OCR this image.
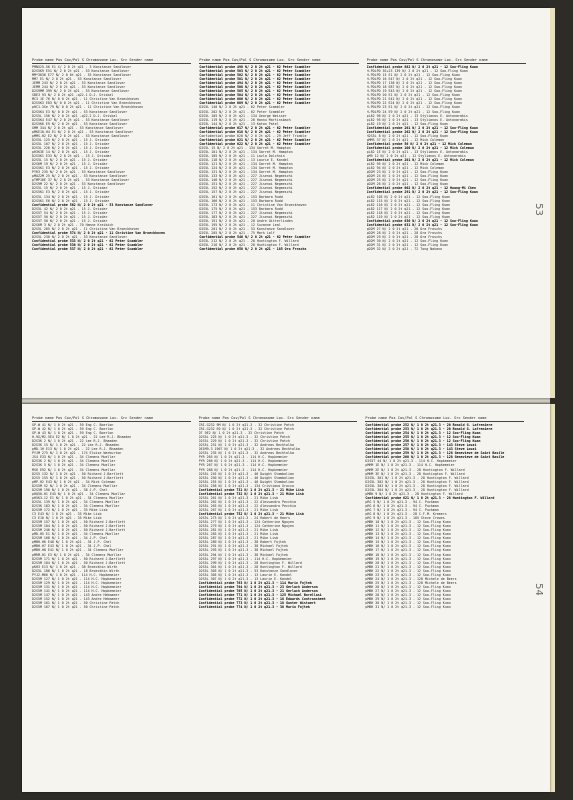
Probe name Pos Cov/Pol S Chromosome Loc. Src Sender name
PMN525-56 E1 X/ 2 0 2t q21 - 3 Konstanze Sandlover
D2S5K9 E51 N/ 2 0 2t p21 - 53 Konstanze Sandlover
MM*3636 E77 N/ 2 0 0t q21 - 53 Konstanze Sandlover
MM7 E1 N/ 2 0 2t q21 - 53 Konstanze Sandlover
JEMM 243 N/ 2 0 2t q21 - 53 Konstanze Sandlover
JEMM 244 N/ 2 0 2t q21 - 53 Konstanze Sandlover
D2S9MM 399 N/ 2 0 2t q21 - 53 Konstanze Sandlover
SBE3 93 N/ 2 0 2t q21 -q22.1 D.J. Driskal
MC3 1E 76 N/ 0 0 2t q21 - 11 Christine Van Broeckhoven
D2S5K3 E83 N/ 0 0 2t q21 - 11 Christine Van Broeckhoven
pHC1.3Se 79 N/ 0 0 2t q21 - 11 Christine Van Broeckhoven
D2S5K4 E3 N/ 0 0 2t q21 - 53 Konstanze Sandlover
D2S5L 156 N/ 2 0 2t q21 -q22.2 D.J. Driskal
D2S5K4 E47 N/ 2 0 2t q21 - 53 Konstanze Sandlover
D2S5K6 E9 N/ 2 0 2t q21 - 53 Konstanze Sandlover
GMM 344 N/ 2 0 2t q21 - 53 Konstanze Sandlover
pMKE10-H4 E1 N/ 2 0 2t q21 - 53 Konstanze Sandlover
pMMS-H2 E2 N/ 2 0 2t q21 - 53 Konstanze Sandlover
D2S5L 125 N/ 2 0 2t q21 - 15 J. Drisdar
D2S5L 107 N/ 2 0 2t q21 - 15 J. Drisdar
D2S5L 226 N/ 2 0 2t q21 - 15 J. Drisdar
pH3K3E 14 N/ 2 0 2t q21 - 15 J. Drisdar
D2S5K1 E33 N/ 2 0 2t q21 - 15 J. Drisdar
D2S5L 15 N/ 2 0 2t q21 - 15 J. Drisdar
D2S6M 19 N/ 2 0 2t q21 - 15 J. Drisdar
D2S5K1 E3 N/ 2 0 2t q21 - 15 J. Drisdar
PYR3 235 N/ 2 0 2t q21 - 53 Konstanze Sandlover
pMUZ2M 25 N/ 2 0 2t q21 - 53 Konstanze Sandlover
pTMP10E 37 N/ 2 0 2t q21 - 53 Konstanze Sandlover
D2S9M 22 N/ 2 0 2t q21 - 53 Konstanze Sandlover
D2S5L 15 N/ 2 0 2t q21 - 15 J. Drisdar
D2S5K1 E3 N/ 2 0 2t q21 - 15 J. Drisdar
D2S5L 134 N/ 2 0 2t q21 - 15 J. Drisdar
D2S5K1 E6 N/ 2 0 2t q21 - 15 J. Drisdar
Confidential probe 562 N/ 2 0 2t q21 - 53 Konstanze Sandlover
D2S5L 42 N/ 2 0 2t q21 - 15 J. Drisdar
D2S5T 54 N/ 2 0 2t q21 - 15 J. Drisdar
D2S5T 50 N/ 2 0 2t q21 - 15 J. Drisdar
D2S5T 58 N/ 2 0 2t q21 - 15 J. Drisdar
D2S6M 3 N/ 2 0 2t q21 - 70 Hanne Kreibich
D2S5L 265 N/ 2 0 2t q21 - 11 Christine Van Broeckhoven
Confidential probe 574 N/ 2 0 2t q21 - 11 Christine Van Broeckhoven
D2S5L 230 N/ 2 0 2t q21 - 53 Konstanze Sandlover
Confidential probe 533 N/ 2 0 2t q21 - 62 Peter Scambler
Confidential probe 536 N/ 2 0 2t q21 - 62 Peter Scambler
Confidential probe 537 N/ 2 0 2t q21 - 62 Peter Scambler
Probe name Pos Cov/Pol S Chromosome Loc. Src Sender name
Confidential probe 498 N/ 2 0 2t q21 - 62 Peter Scambler
Confidential probe 503 N/ 2 0 2t q21 - 62 Peter Scambler
Confidential probe 502 N/ 2 0 2t q21 - 62 Peter Scambler
Confidential probe 501 N/ 2 0 2t q21 - 62 Peter Scambler
Confidential probe 494 N/ 2 0 2t q21 - 62 Peter Scambler
Confidential probe 508 N/ 2 0 2t q21 - 62 Peter Scambler
Confidential probe 505 N/ 2 0 2t q21 - 62 Peter Scambler
Confidential probe 504 N/ 2 0 2t q21 - 62 Peter Scambler
Confidential probe 606 N/ 2 0 2t q21 - 62 Peter Scambler
Confidential probe 609 N/ 2 0 2t q21 - 62 Peter Scambler
D2S5L 140 N/ 2 0 2t q21 - 62 Peter Scambler
D2S5L 202 N/ 2 0 2t q21 - 62 Peter Scambler
D2S5L 105 N/ 2 0 2t q21 - 134 George Weisser
D2S5L 119 N/ 2 0 2t q21 - 20 Hannu Martinsbach
D2S5L 144 N/ 2 0 2t q21 - 13 Katon Patel
Confidential probe 617 N/ 2 0 2t q21 - 62 Peter Scambler
Confidential probe 618 N/ 2 0 2t q21 - 62 Peter Scambler
Confidential probe 620 N/ 2 0 2t q21 - 29 Jeff Trimble
Confidential probe 621 N/ 2 0 2t q21 - 62 Peter Scambler
Confidential probe 622 N/ 2 0 2t q21 - 62 Peter Scambler
D2S5L 15 N/ 2 0 2t q21 - 134 Garret M. Hampton
D2S5L 101 N/ 2 0 2t q21 - 134 Garret M. Hampton
D2S5L 105 N/ 2 0 2t q21 - 11 Lazlo Dolzhnin
D2S5L 118 N/ 2 0 2t q21 - 13 Laurie E. Kandel
D2S5L 121 N/ 2 0 2t q21 - 134 Garret M. Hampton
D2S5L 124 N/ 2 0 2t q21 - 134 Garret M. Hampton
D2S5L 131 N/ 2 0 2t q21 - 134 Garret M. Hampton
D2S5L 133 N/ 2 0 2t q21 - 227 Jisenoi Negmeschi
D2S5L 146 N/ 2 0 2t q21 - 227 Jisenoi Negmeschi
D2S5L 151 N/ 2 0 2t q21 - 227 Jisenoi Negmeschi
D2S5L 152 N/ 2 0 2t q21 - 227 Jisenoi Negmeschi
D2S5L 157 N/ 2 0 2t q21 - 227 Jisenoi Negmeschi
D2S5L 161 N/ 2 0 2t q21 - 153 Barbara Rudd
D2S5L 166 N/ 2 0 2t q21 - 153 Barbara Rudd
D2S5L 173 N/ 2 0 2t q21 - 11 Christine Van Broeckhoven
D2S5L 175 N/ 2 0 2t q21 - 153 Barbara Rudd
D2S5L 177 N/ 2 0 2t q21 - 227 Jisenoi Negmeschi
D2S5L 183 N/ 2 0 2t q21 - 227 Jisenoi Negmeschi
D2S5L 191 N/ 2 0 2t q21 - 28 Andre Uitterlinden
D2S5L 195 N/ 2 0 2t q21 - 12 Suzanne Leal
D2S5L 201 N/ 2 0 2t q21 - 53 Konstanze Sandlover
D2S5L 205 N/ 2 0 2t q21 - 75 Mark Lalf
Confidential probe 546 N/ 2 0 2t q21 - 62 Peter Scambler
D2S5L 212 N/ 2 0 2t q21 - 28 Huntington F. Willard
D2S5L 216 N/ 2 0 2t q21 - 28 Huntington F. Willard
Confidential probe 658 N/ 2 0 2t q21 - 185 Ora Froschs
Probe name Pos Cov/Pol S Chromosome Loc. Src Sender name
Confidential probe 882 N/ 2 0 2t q21 - 12 Soo-Fling Kuan
H-PDLPD 3E+23 139 N/ 2 0 2t q21 - 12 Soo-Fling Kuan
H-PDLPD 15 E1 N/ 2 0 2t q21 - 12 Soo-Fling Kuan
H-PDLPD 16 E47 N/ 2 0 2t q21 - 12 Soo-Fling Kuan
H-PDLPD 17 136 N/ 2 0 2t q21 - 12 Soo-Fling Kuan
H-PDLPD 18 E87 N/ 2 0 2t q21 - 12 Soo-Fling Kuan
H-PDLPD 19 E43 N/ 2 0 2t q21 - 12 Soo-Fling Kuan
H-PDLPD 20 E1 N/ 2 0 2t q21 - 12 Soo-Fling Kuan
H-PDLPD 21 E42 N/ 2 0 2t q21 - 12 Soo-Fling Kuan
H-PDLPD 22 E24 N/ 2 0 2t q21 - 12 Soo-Fling Kuan
H-PDLPD 23 E1 N/ 2 0 2t q21 - 12 Soo-Fling Kuan
H-PDLPD 24 E9 N/ 2 0 2t q21 - 12 Soo-Fling Kuan
pL82 96 N/ 2 0 2t q21 - 13 Stylianos E. Antonarakis
pL82 95 N/ 2 0 2t q21 - 13 Stylianos E. Antonarakis
pL82 19 N/ 2 0 2t q21 - 12 Soo-Fling Kuan
Confidential probe 261 N/ 2 0 2t q21 - 12 Soo-Fling Kuan
Confidential probe 262 N/ 2 0 2t q21 - 12 Soo-Fling Kuan
H2S5L 8 N/ 2 0 2t q21 - 12 Soo-Fling Kuan
pMMS 37 N/ 2 0 2t q21 - 12 Mick Coleman
Confidential probe 56 N/ 2 0 2t q21 - 12 Mick Coleman
Confidential probe 100 N/ 2 0 2t q21 - 12 Mick Coleman
pL82 1E N/ 2 0 2t q21 - 13 Stylianos E. Antonarakis
pM9 12 N/ 2 0 2t q21 - 12 Stylianos E. Antonarakis
Confidential probe 201 N/ 2 0 2t q21 - 12 Mick Coleman
pL82 95 N/ 2 0 2t q21 - 12 Mick Coleman
pL82 94 N/ 2 0 2t q21 - 12 Mick Coleman
pD2M 23 N/ 2 0 2t q21 - 12 Soo-Fling Kuan
pD2M 24 N/ 2 0 2t q21 - 12 Soo-Fling Kuan
pD2M 25 N/ 2 0 2t q21 - 12 Soo-Fling Kuan
pD2M 26 N/ 2 0 2t q21 - 12 Soo-Fling Kuan
Confidential probe 602 N/ 2 0 2t q21 - 12 Huang-Mi Chen
Confidential probe 291 N/ 2 0 2t q21 - 12 Soo-Fling Kuan
pL82 103 N/ 2 0 2t q21 - 12 Soo-Fling Kuan
pL82 115 N/ 2 0 2t q21 - 12 Soo-Fling Kuan
pL82 116 N/ 2 0 2t q21 - 12 Soo-Fling Kuan
pL82 117 N/ 2 0 2t q21 - 12 Soo-Fling Kuan
pL82 118 N/ 2 0 2t q21 - 12 Soo-Fling Kuan
pL82 119 N/ 2 0 2t q21 - 12 Soo-Fling Kuan
Confidential probe 630 N/ 2 0 2t q21 - 12 Soo-Fling Kuan
Confidential probe 631 N/ 2 0 2t q21 - 12 Soo-Fling Kuan
pD2M 27 N/ 2 0 2t q21 - 28 Ora Froschs
pD2M 28 N/ 2 0 2t q21 - 28 Ora Froschs
pD2M 29 N/ 2 0 2t q21 - 28 Ora Froschs
pD2M 30 N/ 2 0 2t q21 - 12 Soo-Fling Kuan
pD2M 31 N/ 2 0 2t q21 - 12 Soo-Fling Kuan
pD2M 32 N/ 2 0 2t q21 - 72 Tong Nakano
53
Probe name Pos Cov/Pol S Chromosome Loc. Src Sender name
GP-W 41 N/ 1 0 2t q21 - 59 Eng C. Boerlon
GP-W 42 N/ 1 0 2t q21 - 59 Eng C. Boerlon
GP-W 43 N/ 1 0 2t q21 - 59 Eng C. Boerlon
H.9X/M2.5E4 E2 N/ 1 0 2t q21 - 22 Lee R.J. Bhaaden
D2S3K 2 N/ 1 0 2t q21 - 22 Lee R.J. Bhaaden
D2S3K 15 N/ 1 0 2t q21 - 22 Lee R.J. Bhaaden
pMD-1H E13 N/ 1 0 2t q21 - 22 Lee R.J. Bhaaden
PYJM 275 N/ 1 0 2t q21 - 174 Eloise Warburton
JS4 E33 N/ 1 0 2t q21 - 34 Clemens Muellar
D2S3K 2 N/ 1 0 2t q21 - 34 Clemens Muellar
D2S3K 5 N/ 1 0 2t q21 - 34 Clemens Muellar
MS6 E92 N/ 1 0 2t q21 - 34 Clemens Muellar
D2S5 132 N/ 1 0 2t q21 - 50 Richard J.Bartlett
D2S5 155 N/ 1 0 2t q21 - 50 Richard J.Bartlett
pMP-H2 E43 N/ 1 0 2t q21 - 34 Mick Coleman
D2S5M 52 N/ 1 0 2t q21 - 34 Clemens Muellar
D2S5M 190 N/ 1 0 2t q21 - 38 J.P. Chel
pHQ50-H1 E45 N/ 1 0 2t q21 - 34 Clemens Muellar
pH5K3-12 E1 N/ 1 0 2t q21 - 34 Clemens Muellar
D2S5L 139 N/ 1 0 2t q21 - 34 Clemens Muellar
D2S3K 183 N/ 1 0 2t q21 - 34 Clemens Muellar
D2S5M 172 N/ 1 0 2t q21 - 35 Mike Lisb
C3 E43 N/ 1 0 2t q21 - 35 Mike Lisb
C3 E10 N/ 1 0 2t q21 - 35 Mike Lisb
D2S5M 157 N/ 1 0 2t q21 - 50 Richard J.Bartlett
D2S5M 104 N/ 1 0 2t q21 - 50 Richard J.Bartlett
D2S5M 246 N/ 1 0 2t q21 - 50 Richard J.Bartlett
pMD-H5 E1 N/ 1 0 2t q21 - 34 Clemens Muellar
D2S5M 168 N/ 1 0 2t q21 - 34 J.P. Chel
pMBH-H6 E48 N/ 1 0 2t q21 - 34 J.P. Chel
pMBH-H7 E43 N/ 1 0 2t q21 - 34 J.P. Chel
pMBH-H8 E41 N/ 1 0 2t q21 - 34 Clemens Muellar
pMRM-H1 E3 N/ 1 0 2t q21 - 34 Clemens Muellar
D2S5M 171 N/ 1 0 2t q21 - 50 Richard J.Bartlett
D2S5M 184 N/ 1 0 2t q21 - 50 Richard J.Bartlett
pKH3 E13 N/ 1 0 2t q21 - 38 Broeckhin Wirth
D2S5L 186 N/ 1 0 2t q21 - 18 Broeckhin Wirth
PYJ2-M66 N/ 1 0 2t q21 - 114 H.C. Hopkemeier
D2S5M 127 N/ 1 0 2t q21 - 114 H.C. Hopkemeier
D2S5M 129 N/ 1 0 2t q21 - 114 H.C. Hopkemeier
D2S5M 131 N/ 1 0 2t q21 - 114 H.C. Hopkemeier
D2S5M 141 N/ 1 0 2t q21 - 114 H.C. Hopkemeier
D2S5M 147 N/ 1 0 2t q21 - 143 Andre Hekmaeer
D2S5M 152 N/ 1 0 2t q21 - 143 Andre Hekmaeer
D2S5M 161 N/ 1 0 2t q21 - 50 Christine Patch
D2S5M 167 N/ 1 0 2t q21 - 50 Christine Patch
Probe name Pos Cov/Pol S Chromosome Loc. Src Sender name
CRI-G232 9M N/ 1 0 2t q21.3 - 32 Christine Patch
CRI-G232 E0 N/ 1 0 2t q21.3 - 32 Christine Patch
DT 9E2 N/ 1 0 2t q21.3 - 32 Christine Patch
D2S5L 225 N/ 1 0 2t q21.3 - 32 Christine Patch
D2S5L 229 N/ 1 0 2t q21.3 - 32 Christine Patch
D2S5L 231 N/ 1 0 2t q21.3 - 32 Andreas Bechtolka
DE1M9-3 1967 N/ 1 0 2t q21.3 - 32 Andreas Bechtolka
D2S5L 235 N/ 1 0 2t q21.3 - 32 Andreas Bechtolka
PYR 265 N/ 1 0 2t q21.3 - 114 H.C. Hopkemeier
PYR 266 N/ 1 0 2t q21.3 - 114 H.C. Hopkemeier
PYR 267 N/ 1 0 2t q21.3 - 114 H.C. Hopkemeier
PYR 268 N/ 1 0 2t q21.3 - 114 H.C. Hopkemeier
D2S5L 245 N/ 1 0 2t q21.3 - 46 Dwight Stambolian
D2S5L 250 N/ 1 0 2t q21.3 - 46 Dwight Stambolian
D2S5L 255 N/ 1 0 2t q21.3 - 46 Dwight Stambolian
D2S5L 258 N/ 1 0 2t q21.3 - 134 Cristiana Grocco
Confidential probe 731 N/ 1 0 2t q21.3 - 21 Mike Lisb
Confidential probe 732 N/ 1 0 2t q21.3 - 21 Mike Lisb
D2S5L 261 N/ 1 0 2t q21.3 - 21 Mike Lisb
D2S5L 262 N/ 1 0 2t q21.3 - 22 Alessandro Pecchia
D2S5L 263 N/ 1 0 2t q21.3 - 22 Alessandro Pecchia
D2S5L 267 N/ 1 0 2t q21.3 - 21 Mike Lisb
Confidential probe 752 N/ 1 0 2t q21.3 - 21 Mike Lisb
D2S5L 273 N/ 1 0 2t q21.3 - 24 Robert de Haers
D2S5L 277 N/ 1 0 2t q21.3 - 124 Catherine Nguyen
D2S5L 279 N/ 1 0 2t q21.3 - 124 Catherine Nguyen
D2S5L 281 N/ 1 0 2t q21.3 - 21 Mike Lisb
D2S5L 283 N/ 1 0 2t q21.3 - 21 Mike Lisb
D2S5L 287 N/ 1 0 2t q21.3 - 21 Mike Lisb
D2S5L 289 N/ 1 0 2t q21.3 - 38 Robert Fojtek
D2S5L 291 N/ 1 0 2t q21.3 - 38 Michael Fojtek
D2S5L 293 N/ 1 0 2t q21.3 - 38 Michael Fojtek
D2S5L 294 N/ 1 0 2t q21.3 - 38 Michael Fojtek
D2S5L 297 N/ 1 0 2t q21.3 - 114 H.C. Hopkemeier
D2S5L 299 N/ 1 0 2t q21.3 - 28 Huntington F. Willard
D2S5L 301 N/ 1 0 2t q21.3 - 28 Huntington F. Willard
D2S5L 303 N/ 1 0 2t q21.3 - 53 Konstanze Sandlover
D2S5L 305 N/ 1 0 2t q21.3 - 13 Laurie E. Kandel
D2S5L 307 N/ 1 0 2t q21.3 - 13 Laurie E. Kandel
Confidential probe 763 N/ 1 0 2t q21.3 - 114 Mario Fojtek
Confidential probe 764 N/ 1 0 2t q21.3 - 23 Gerlach Anderson
Confidential probe 765 N/ 1 0 2t q21.3 - 21 Gerlach Anderson
Confidential probe 771 N/ 1 0 2t q21.3 - 125 Michael Borellasi
Confidential probe 772 N/ 1 0 2t q21.3 - 18 Edwards Contransheet
Confidential probe 773 N/ 1 0 2t q21.3 - 18 Gunter Wistaert
Confidential probe 774 N/ 1 0 2t q21.3 - 38 Mario Fojtek
Probe name Pos Cov/Pol S Chromosome Loc. Src Sender name
Confidential probe 252 N/ 1 0 2t q21.3 - 20 Ronald G. Lafreniere
Confidential probe 253 N/ 1 0 2t q21.3 - 20 Ronald G. Lafreniere
Confidential probe 254 N/ 1 0 2t q21.3 - 12 Soo-Fling Kuan
Confidential probe 255 N/ 1 0 2t q21.3 - 12 Soo-Fling Kuan
Confidential probe 256 N/ 1 0 2t q21.3 - 12 Soo-Fling Kuan
Confidential probe 257 N/ 1 0 2t q21.3 - 143 Steve Louzi
Confidential probe 258 N/ 1 0 2t q21.3 - 143 Steve Louzi
Confidential probe 259 N/ 1 0 2t q21.3 - 128 Genevieve de Saint Basile
Confidential probe 260 N/ 1 0 2t q21.3 - 128 Genevieve de Saint Basile
D2S5T 44 N/ 1 0 2t q21.3 - 114 H.C. Hopkemeier
pMHM 1E N/ 1 0 2t q21.3 - 114 H.C. Hopkemeier
pMHM 2E N/ 1 0 2t q21.3 - 28 Huntington F. Willard
pMHM 3E N/ 1 0 2t q21.3 - 28 Huntington F. Willard
D2S5L 301 N/ 1 0 2t q21.3 - 28 Huntington F. Willard
D2S5L 302 N/ 1 0 2t q21.3 - 28 Huntington F. Willard
D2S5L 303 N/ 1 0 2t q21.3 - 28 Huntington F. Willard
D2S5L 304 N/ 1 0 2t q21.3 - 28 Huntington F. Willard
pMBH 9 N/ 1 0 2t q21.3 - 28 Huntington F. Willard
Confidential probe 621 N/ 1 0 2t q21.3 - 28 Huntington F. Willard
pRG 5 N/ 1 0 2t q21.3 - 94 C. Puckman
pRG 6 N/ 1 0 2t q21.3 - 94 C. Puckman
pRG 7 N/ 1 0 2t q21.3 - 94 C. Puckman
pRG 8 N/ 1 0 2t q21.3 - 28 C.F.M. Kremers
pRG 9 N/ 1 0 2t q21.3 - 185 Steve Crowes
pMBH 10 N/ 1 0 2t q21.3 - 12 Soo-Fling Kuan
pMBH 11 N/ 1 0 2t q21.3 - 12 Soo-Fling Kuan
pMBH 12 N/ 1 0 2t q21.3 - 12 Soo-Fling Kuan
pMBH 13 N/ 1 0 2t q21.3 - 12 Soo-Fling Kuan
pMBH 14 N/ 1 0 2t q21.3 - 12 Soo-Fling Kuan
pMBH 15 N/ 1 0 2t q21.3 - 12 Soo-Fling Kuan
pMBH 16 N/ 1 0 2t q21.3 - 12 Soo-Fling Kuan
pMBH 17 N/ 1 0 2t q21.3 - 12 Soo-Fling Kuan
pMBH 18 N/ 1 0 2t q21.3 - 12 Soo-Fling Kuan
pMBH 19 N/ 1 0 2t q21.3 - 12 Soo-Fling Kuan
pMBH 20 N/ 1 0 2t q21.3 - 12 Soo-Fling Kuan
pMBH 21 N/ 1 0 2t q21.3 - 12 Soo-Fling Kuan
pMBH 22 N/ 1 0 2t q21.3 - 12 Soo-Fling Kuan
pMBH 23 N/ 1 0 2t q21.3 - 12 Soo-Fling Kuan
pMBH 24 N/ 1 0 2t q21.3 - 128 Michele de Beers
pMBH 25 N/ 1 0 2t q21.3 - 128 Michele de Beers
pMBH 26 N/ 1 0 2t q21.3 - 12 Soo-Fling Kuan
pMBH 27 N/ 1 0 2t q21.3 - 12 Soo-Fling Kuan
pMBH 28 N/ 1 0 2t q21.3 - 12 Soo-Fling Kuan
pMBH 29 N/ 1 0 2t q21.3 - 12 Soo-Fling Kuan
pMBH 30 N/ 1 0 2t q21.3 - 12 Soo-Fling Kuan
pMBH 31 N/ 1 0 2t q21.3 - 12 Soo-Fling Kuan
54
